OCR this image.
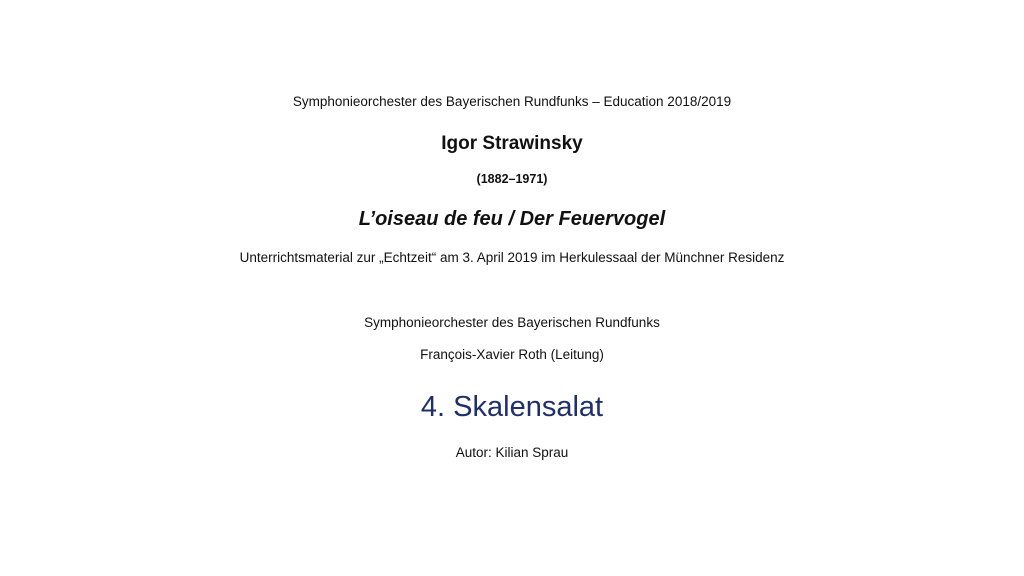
Symphonieorchester des Bayerischen Rundfunks – Education 2018/2019
Igor Strawinsky
(1882–1971)
L’oiseau de feu / Der Feuervogel
Unterrichtsmaterial zur „Echtzeit“ am 3. April 2019 im Herkulessaal der Münchner Residenz
Symphonieorchester des Bayerischen Rundfunks
François-Xavier Roth (Leitung)
4. Skalensalat
Autor: Kilian Sprau
